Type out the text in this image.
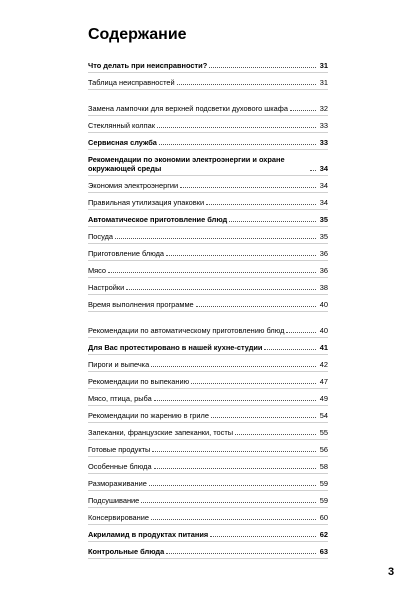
Содержание
Что делать при неисправности?	31
Таблица неисправностей	31
Замена лампочки для верхней подсветки духового шкафа	32
Стеклянный колпак	33
Сервисная служба	33
Рекомендации по экономии электроэнергии и охране окружающей среды	34
Экономия электроэнергии	34
Правильная утилизация упаковки	34
Автоматическое приготовление блюд	35
Посуда	35
Приготовление блюда	36
Мясо	36
Настройки	38
Время выполнения программе	40
Рекомендации по автоматическому приготовлению блюд	40
Для Вас протестировано в нашей кухне-студии	41
Пироги и выпечка	42
Рекомендации по выпеканию	47
Мясо, птица, рыба	49
Рекомендации по жарению в гриле	54
Запеканки, французские запеканки, тосты	55
Готовые продукты	56
Особенные блюда	58
Размораживание	59
Подсушивание	59
Консервирование	60
Акриламид в продуктах питания	62
Контрольные блюда	63
3
